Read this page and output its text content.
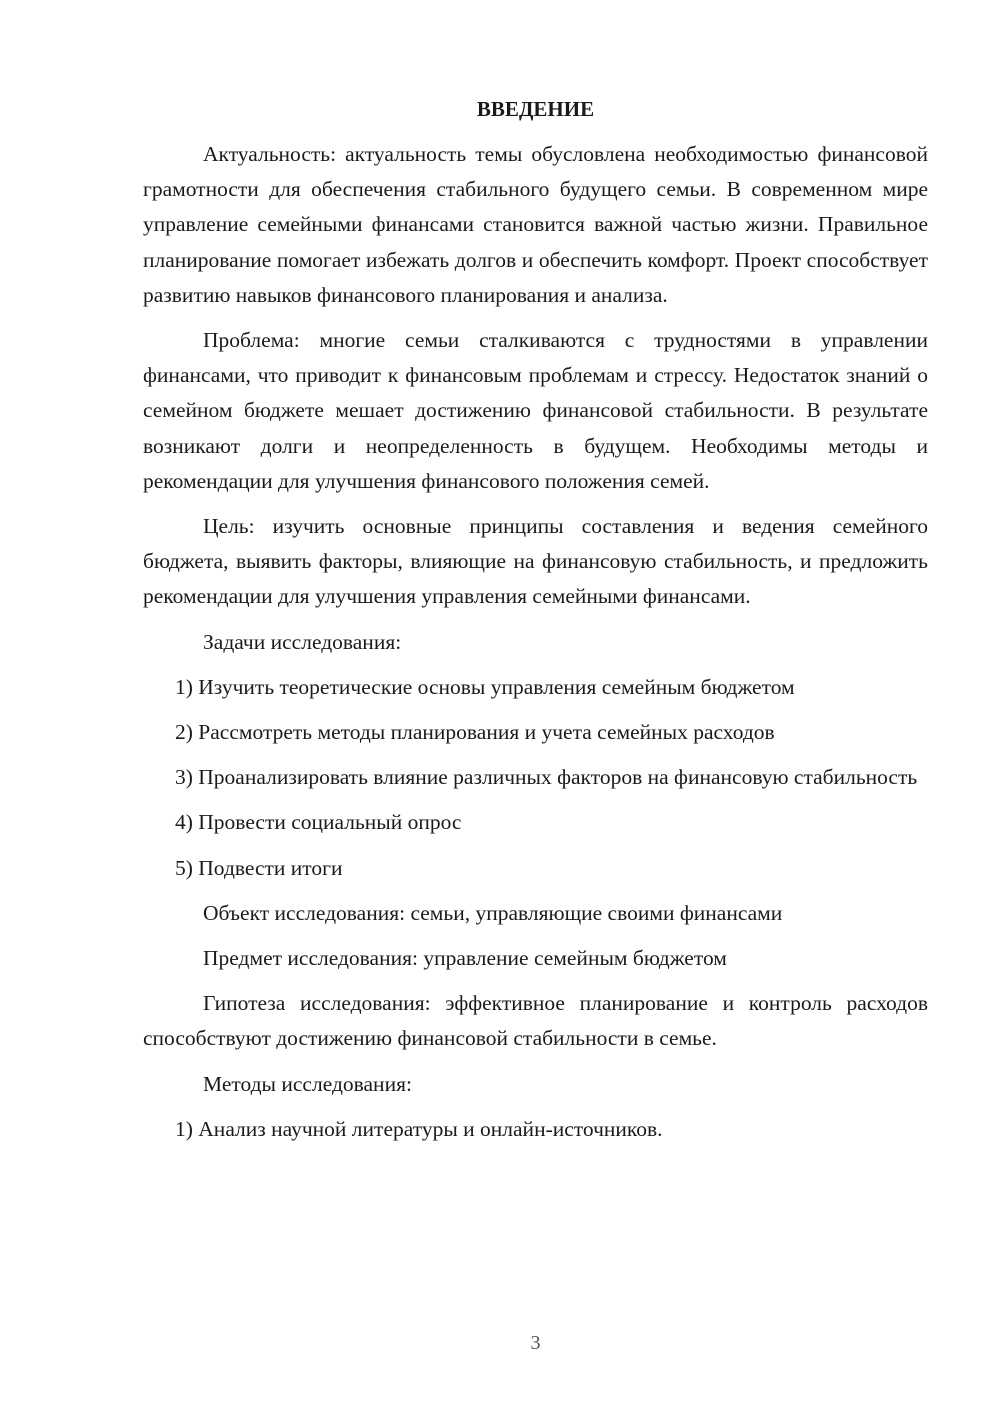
ВВЕДЕНИЕ
Актуальность: актуальность темы обусловлена необходимостью финансовой грамотности для обеспечения стабильного будущего семьи. В современном мире управление семейными финансами становится важной частью жизни. Правильное планирование помогает избежать долгов и обеспечить комфорт. Проект способствует развитию навыков финансового планирования и анализа.
Проблема: многие семьи сталкиваются с трудностями в управлении финансами, что приводит к финансовым проблемам и стрессу. Недостаток знаний о семейном бюджете мешает достижению финансовой стабильности. В результате возникают долги и неопределенность в будущем. Необходимы методы и рекомендации для улучшения финансового положения семей.
Цель: изучить основные принципы составления и ведения семейного бюджета, выявить факторы, влияющие на финансовую стабильность, и предложить рекомендации для улучшения управления семейными финансами.
Задачи исследования:
1) Изучить теоретические основы управления семейным бюджетом
2) Рассмотреть методы планирования и учета семейных расходов
3) Проанализировать влияние различных факторов на финансовую стабильность
4) Провести социальный опрос
5) Подвести итоги
Объект исследования: семьи, управляющие своими финансами
Предмет исследования: управление семейным бюджетом
Гипотеза исследования: эффективное планирование и контроль расходов способствуют достижению финансовой стабильности в семье.
Методы исследования:
1) Анализ научной литературы и онлайн-источников.
3
